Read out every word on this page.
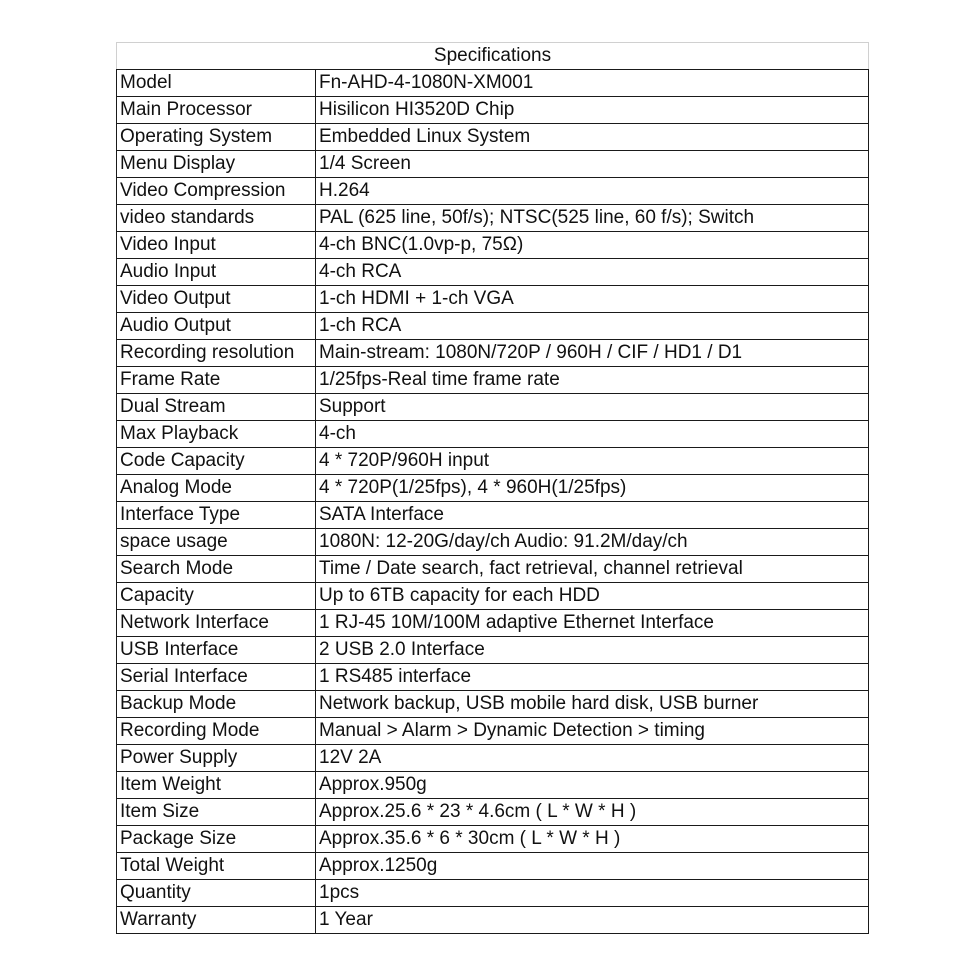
Specifications	
Model	Fn-AHD-4-1080N-XM001
Main Processor	Hisilicon HI3520D Chip
Operating System	Embedded Linux System
Menu Display	1/4 Screen
Video Compression	H.264
video standards	PAL (625 line, 50f/s); NTSC(525 line, 60 f/s); Switch
Video Input	4-ch BNC(1.0vp-p, 75Ω)
Audio Input	4-ch RCA
Video Output	1-ch HDMI + 1-ch VGA
Audio Output	1-ch RCA
Recording resolution	Main-stream: 1080N/720P / 960H / CIF / HD1 / D1
Frame Rate	1/25fps-Real time frame rate
Dual Stream	Support
Max Playback	4-ch
Code Capacity	4 * 720P/960H input
Analog Mode	4 * 720P(1/25fps), 4 * 960H(1/25fps)
Interface Type	SATA Interface
space usage	1080N: 12-20G/day/ch Audio: 91.2M/day/ch
Search Mode	Time / Date search, fact retrieval, channel retrieval
Capacity	Up to 6TB capacity for each HDD
Network Interface	1 RJ-45 10M/100M adaptive Ethernet Interface
USB Interface	2 USB 2.0 Interface
Serial Interface	1 RS485 interface
Backup Mode	Network backup, USB mobile hard disk, USB burner
Recording Mode	Manual > Alarm > Dynamic Detection > timing
Power Supply	12V 2A
Item Weight	Approx.950g
Item Size	Approx.25.6 * 23 * 4.6cm ( L * W * H )
Package Size	Approx.35.6 * 6 * 30cm ( L * W * H )
Total Weight	Approx.1250g
Quantity	1pcs
Warranty	1 Year
